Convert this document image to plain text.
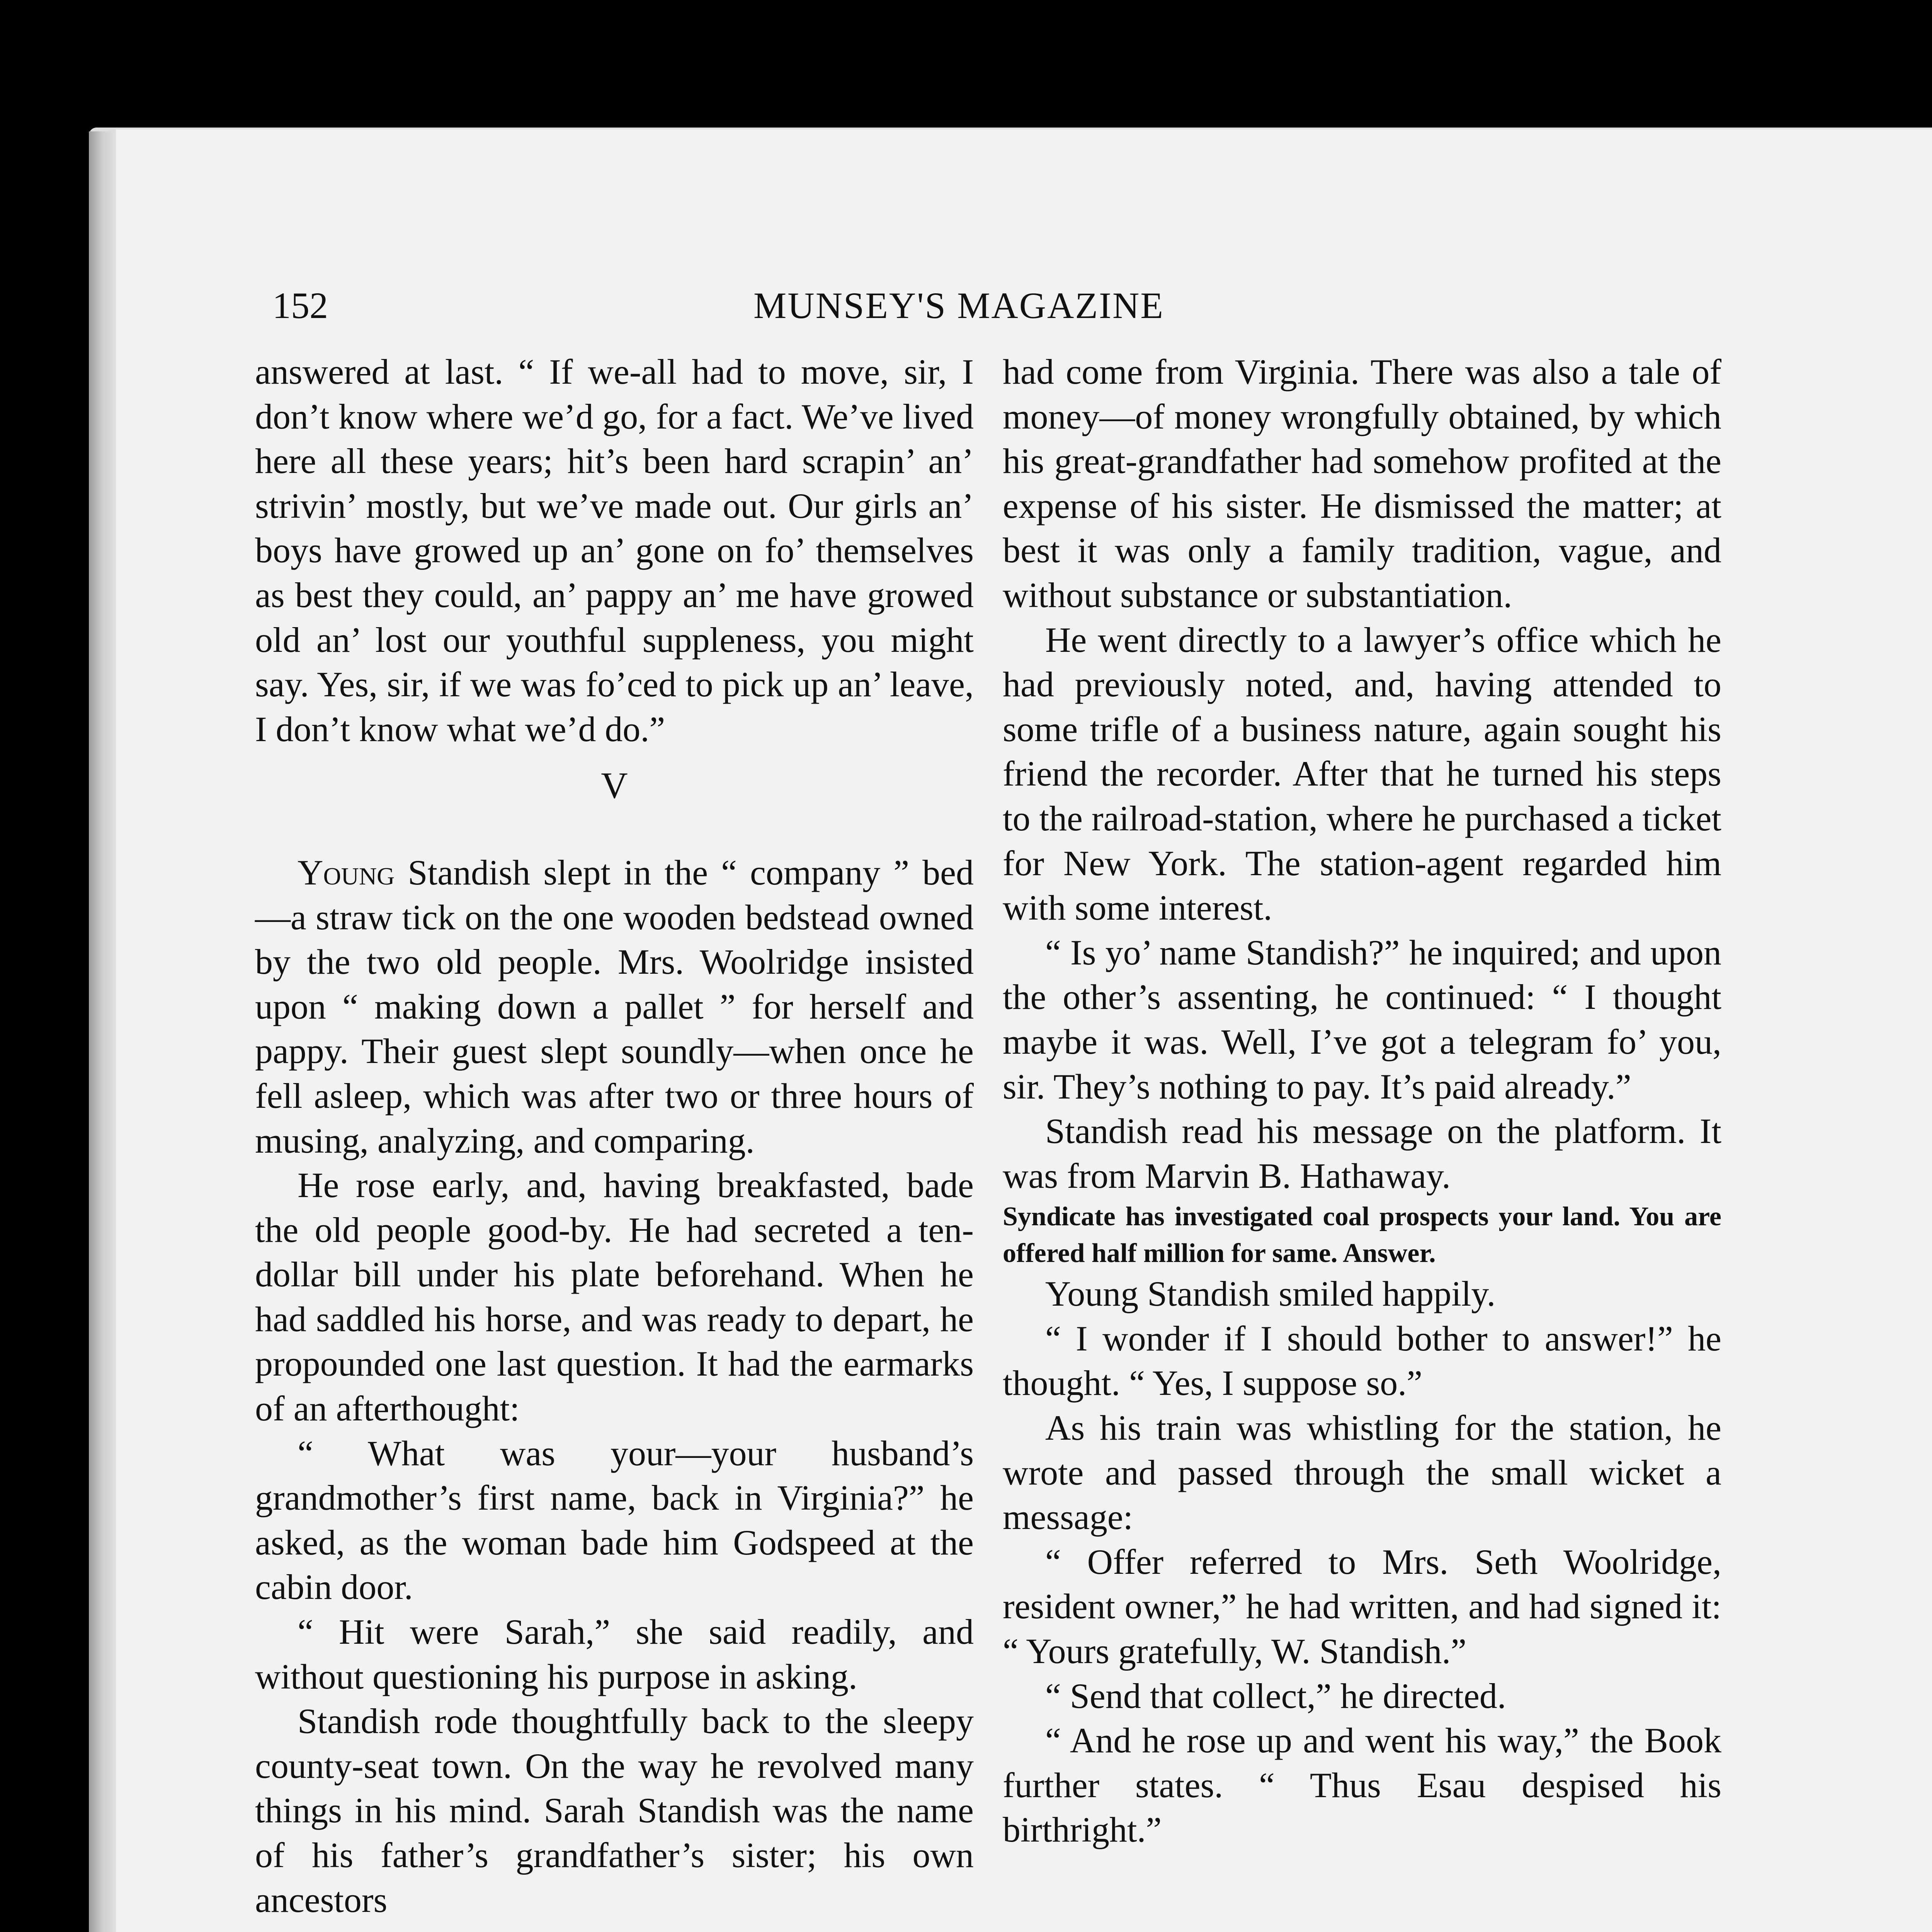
152	MUNSEY'S MAGAZINE

answered at last. “ If we-all had to move, sir, I don’t know where we’d go, for a fact. We’ve lived here all these years; hit’s been hard scrapin’ an’ strivin’ mostly, but we’ve made out. Our girls an’ boys have growed up an’ gone on fo’ themselves as best they could, an’ pappy an’ me have growed old an’ lost our youthful suppleness, you might say. Yes, sir, if we was fo’ced to pick up an’ leave, I don’t know what we’d do.”

V

Young Standish slept in the “ company ” bed—a straw tick on the one wooden bedstead owned by the two old people. Mrs. Woolridge insisted upon “ making down a pallet ” for herself and pappy. Their guest slept soundly—when once he fell asleep, which was after two or three hours of musing, analyzing, and comparing.

He rose early, and, having breakfasted, bade the old people good-by. He had secreted a ten-dollar bill under his plate beforehand. When he had saddled his horse, and was ready to depart, he propounded one last question. It had the earmarks of an afterthought:

“ What was your—your husband’s grandmother’s first name, back in Virginia?” he asked, as the woman bade him Godspeed at the cabin door.

“ Hit were Sarah,” she said readily, and without questioning his purpose in asking.

Standish rode thoughtfully back to the sleepy county-seat town. On the way he revolved many things in his mind. Sarah Standish was the name of his father’s grandfather’s sister; his own ancestors

had come from Virginia. There was also a tale of money—of money wrongfully obtained, by which his great-grandfather had somehow profited at the expense of his sister. He dismissed the matter; at best it was only a family tradition, vague, and without substance or substantiation.

He went directly to a lawyer’s office which he had previously noted, and, having attended to some trifle of a business nature, again sought his friend the recorder. After that he turned his steps to the railroad-station, where he purchased a ticket for New York. The station-agent regarded him with some interest.

“ Is yo’ name Standish?” he inquired; and upon the other’s assenting, he continued: “ I thought maybe it was. Well, I’ve got a telegram fo’ you, sir. They’s nothing to pay. It’s paid already.”

Standish read his message on the platform. It was from Marvin B. Hathaway.

Syndicate has investigated coal prospects your land. You are offered half million for same. Answer.

Young Standish smiled happily.

“ I wonder if I should bother to answer!” he thought. “ Yes, I suppose so.”

As his train was whistling for the station, he wrote and passed through the small wicket a message:

“ Offer referred to Mrs. Seth Woolridge, resident owner,” he had written, and had signed it: “ Yours gratefully, W. Standish.”

“ Send that collect,” he directed.

“ And he rose up and went his way,” the Book further states. “ Thus Esau despised his birthright.”
